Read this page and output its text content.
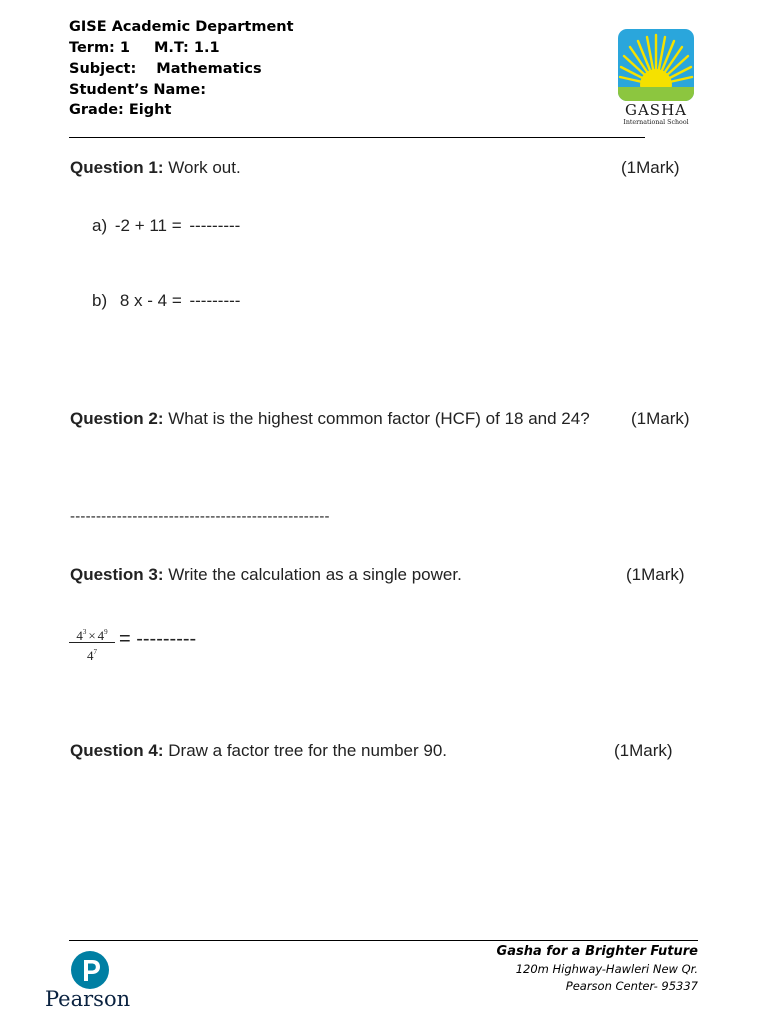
GISE Academic Department
Term: 1 M.T: 1.1
Subject: Mathematics
Student’s Name:
Grade: Eight	GASHA
International School
Question 1: Work out.	(1Mark)
a) -2 + 11 = ---------
b) 8 x - 4 = ---------
Question 2: What is the highest common factor (HCF) of 18 and 24? (1Mark)
--------------------------------------------------
Question 3: Write the calculation as a single power.	(1Mark)
$4^3 \times 4^9$
$4^7$
= ---------
Question 4: Draw a factor tree for the number 90.	(1Mark)
Gasha for a Brighter Future
120m Highway-Hawleri New Qr.
Pearson Center- 95337
Pearson
